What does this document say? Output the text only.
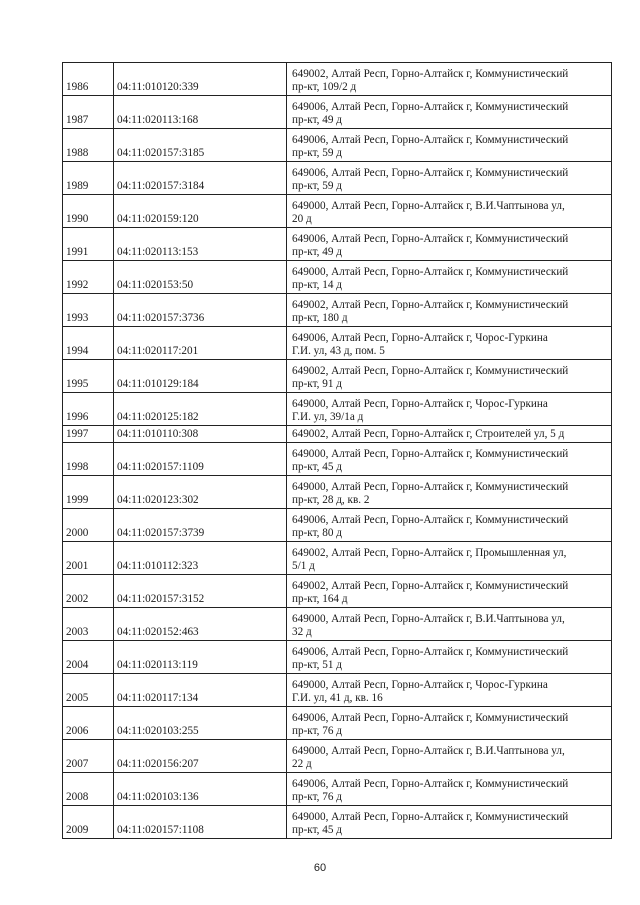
1986	04:11:010120:339	649002, Алтай Респ, Горно-Алтайск г, Коммунистический
пр-кт, 109/2 д

1987	04:11:020113:168	649006, Алтай Респ, Горно-Алтайск г, Коммунистический
пр-кт, 49 д

1988	04:11:020157:3185	649006, Алтай Респ, Горно-Алтайск г, Коммунистический
пр-кт, 59 д

1989	04:11:020157:3184	649006, Алтай Респ, Горно-Алтайск г, Коммунистический
пр-кт, 59 д

1990	04:11:020159:120	649000, Алтай Респ, Горно-Алтайск г, В.И.Чаптынова ул,
20 д

1991	04:11:020113:153	649006, Алтай Респ, Горно-Алтайск г, Коммунистический
пр-кт, 49 д

1992	04:11:020153:50	649000, Алтай Респ, Горно-Алтайск г, Коммунистический
пр-кт, 14 д

1993	04:11:020157:3736	649002, Алтай Респ, Горно-Алтайск г, Коммунистический
пр-кт, 180 д

1994	04:11:020117:201	649006, Алтай Респ, Горно-Алтайск г, Чорос-Гуркина
Г.И. ул, 43 д, пом. 5

1995	04:11:010129:184	649002, Алтай Респ, Горно-Алтайск г, Коммунистический
пр-кт, 91 д

1996	04:11:020125:182	649000, Алтай Респ, Горно-Алтайск г, Чорос-Гуркина
Г.И. ул, 39/1а д

1997	04:11:010110:308	649002, Алтай Респ, Горно-Алтайск г, Строителей ул, 5 д

1998	04:11:020157:1109	649000, Алтай Респ, Горно-Алтайск г, Коммунистический
пр-кт, 45 д

1999	04:11:020123:302	649000, Алтай Респ, Горно-Алтайск г, Коммунистический
пр-кт, 28 д, кв. 2

2000	04:11:020157:3739	649006, Алтай Респ, Горно-Алтайск г, Коммунистический
пр-кт, 80 д

2001	04:11:010112:323	649002, Алтай Респ, Горно-Алтайск г, Промышленная ул,
5/1 д

2002	04:11:020157:3152	649002, Алтай Респ, Горно-Алтайск г, Коммунистический
пр-кт, 164 д

2003	04:11:020152:463	649000, Алтай Респ, Горно-Алтайск г, В.И.Чаптынова ул,
32 д

2004	04:11:020113:119	649006, Алтай Респ, Горно-Алтайск г, Коммунистический
пр-кт, 51 д

2005	04:11:020117:134	649000, Алтай Респ, Горно-Алтайск г, Чорос-Гуркина
Г.И. ул, 41 д, кв. 16

2006	04:11:020103:255	649006, Алтай Респ, Горно-Алтайск г, Коммунистический
пр-кт, 76 д

2007	04:11:020156:207	649000, Алтай Респ, Горно-Алтайск г, В.И.Чаптынова ул,
22 д

2008	04:11:020103:136	649006, Алтай Респ, Горно-Алтайск г, Коммунистический
пр-кт, 76 д

2009	04:11:020157:1108	649000, Алтай Респ, Горно-Алтайск г, Коммунистический
пр-кт, 45 д
60
